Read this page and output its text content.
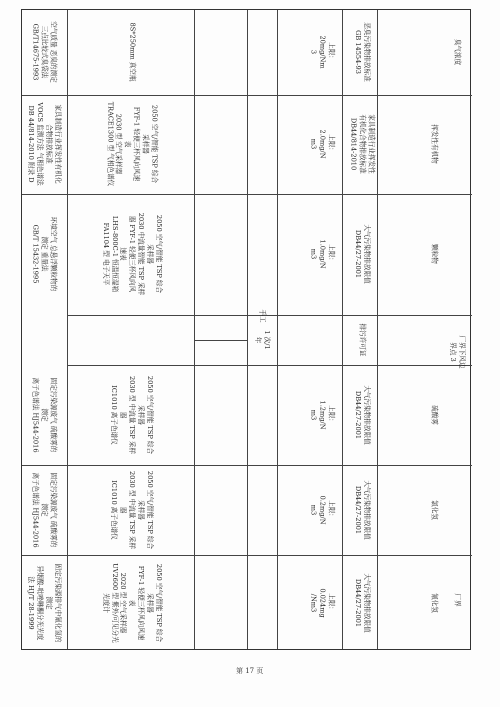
臭气浓度
恶臭污染物排放标准
GB 14554-93
上限：
20mg/Nm
3
8S*250mm 真空瓶
空气质量 恶臭的测定
三点比较式臭袋法
GB/T14675-1993
挥发性有机物
家具制造行业挥发性
有机化合物排放标准
DB44/814-2010
上限：
2.0mg/N
m3
2050 空气/智能 TSP 综合
采样器
FYF-1 轻便三杯风向风速
表
2030 型 空气采样器
TRACE1300 型 气相色谱仪
家具制造行业挥发性有机化
合物排放标准
VOCS 监测方法 气相色谱法
DB 44/814-2010 附录 D
颗粒物
大气污染物排放限值
DB44/27-2001
上限：
1.0mg/N
m3
2050 空气/智能 TSP 综合
采样器
2030 中流量智能 TSP 采样
器 FYF-1 轻便三杯风向风
速表
LHS-800C-1 恒温恒湿箱
FA1104 型 电子天平
环境空气 总悬浮颗粒物的
测定 重量法
GB/T 15432-1995
排污许可证
硫酸雾
大气污染物排放限值
DB44/27-2001
上限：
1.2mg/N
m3
2050 空气/智能 TSP 综合
采样器
2030 型 中流量 TSP 采样
器
IC1010 离子色谱仪
固定污染源废气 硫酸雾的
测定
离子色谱法 HJ544-2016
氯化氢
大气污染物排放限值
DB44/27-2001
上限：
0.2mg/N
m3
2050 空气/智能 TSP 综合
采样器
2030 型 中流量 TSP 采样
器
IC1010 离子色谱仪
固定污染源废气 硫酸雾的
测定
离子色谱法 HJ544-2016
氰化氢
大气污染物排放限值
DB44/27-2001
上限：
0.024mg
/Nm3
2050 空气/智能 TSP 综合
采样器
FYF-1 轻便三杯风向风速
表
2020 型 空气采样器
UV2600 型 紫外/可见分光
光度计
固定污染源排气中氰化氢的
测定
异烟酸-吡唑啉酮分光光度
法 HJ/T 28-1999	厂界
厂界下风边
界点 3
1 次/1
年
手工
第 17 页
